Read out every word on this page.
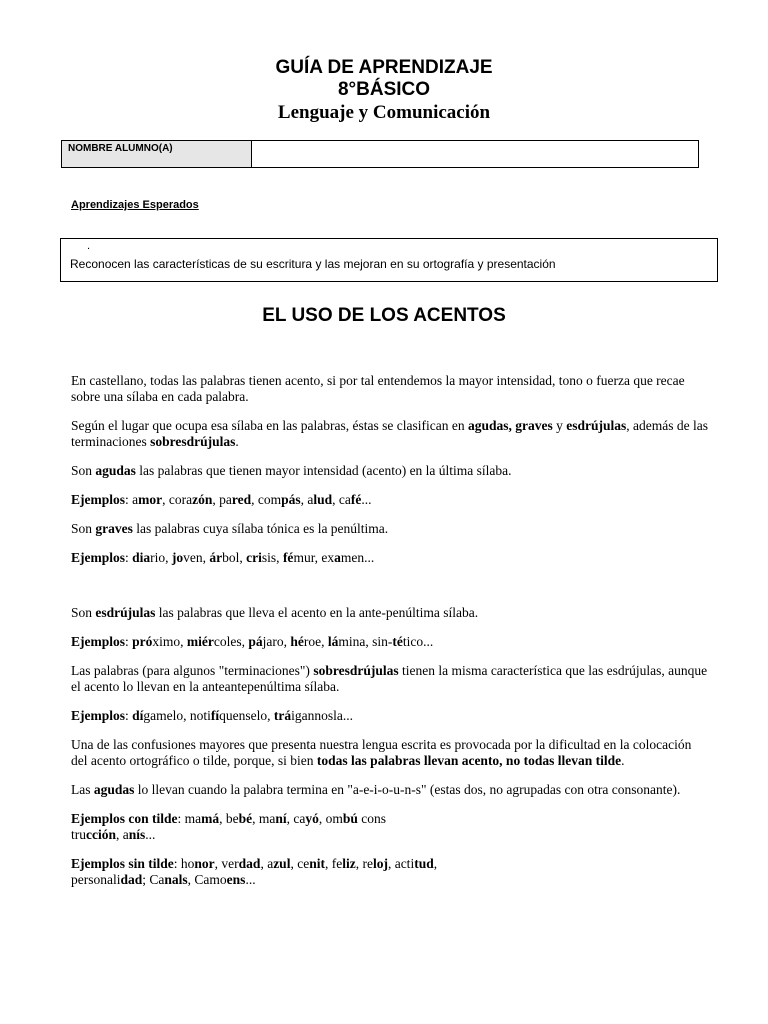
GUÍA DE APRENDIZAJE
8°BÁSICO
Lenguaje y Comunicación
NOMBRE ALUMNO(A)
Aprendizajes Esperados
.
Reconocen las características de su escritura y las mejoran en su ortografía y presentación
EL USO DE LOS ACENTOS

En castellano, todas las palabras tienen acento, si por tal entendemos la mayor intensidad, tono o fuerza que recae sobre una sílaba en cada palabra.

Según el lugar que ocupa esa sílaba en las palabras, éstas se clasifican en agudas, graves y esdrújulas, además de las terminaciones sobresdrújulas.

Son agudas las palabras que tienen mayor intensidad (acento) en la última sílaba.

Ejemplos: amor, corazón, pared, compás, alud, café...

Son graves las palabras cuya sílaba tónica es la penúltima.

Ejemplos: diario, joven, árbol, crisis, fémur, examen...

Son esdrújulas las palabras que lleva el acento en la ante-penúltima sílaba.

Ejemplos: próximo, miércoles, pájaro, héroe, lámina, sin-tético...

Las palabras (para algunos "terminaciones") sobresdrújulas tienen la misma característica que las esdrújulas, aunque el acento lo llevan en la anteantepenúltima sílaba.

Ejemplos: dígamelo, notifíquenselo, tráigannosla...

Una de las confusiones mayores que presenta nuestra lengua escrita es provocada por la dificultad en la colocación del acento ortográfico o tilde, porque, si bien todas las palabras llevan acento, no todas llevan tilde.

Las agudas lo llevan cuando la palabra termina en "a-e-i-o-u-n-s" (estas dos, no agrupadas con otra consonante).

Ejemplos con tilde: mamá, bebé, maní, cayó, ombú cons
trucción, anís...

Ejemplos sin tilde: honor, verdad, azul, cenit, feliz, reloj, actitud, personalidad; Canals, Camoens...
